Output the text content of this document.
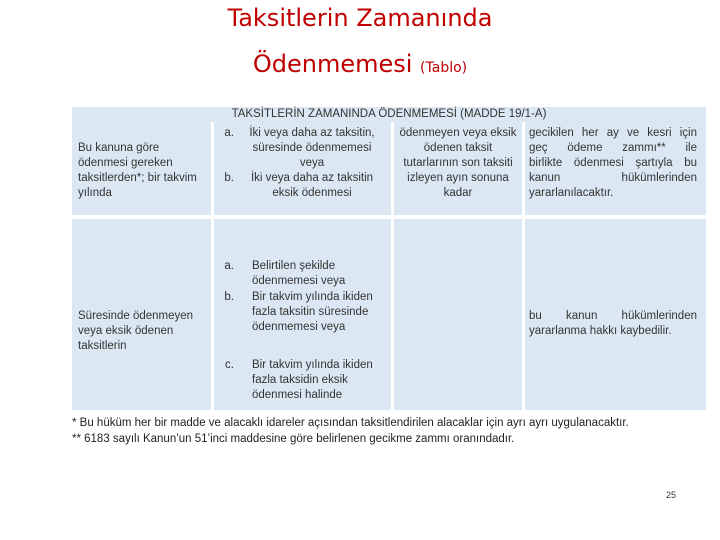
Taksitlerin Zamanında
Ödenmemesi (Tablo)
TAKSİTLERİN ZAMANINDA ÖDENMEMESİ (MADDE 19/1-A)
Bu kanuna göre ödenmesi gereken taksitlerden*; bir takvim yılında
a.	İki veya daha az taksitin, süresinde ödenmemesi veya
b.	İki veya daha az taksitin eksik ödenmesi
ödenmeyen veya eksik ödenen taksit tutarlarının son taksiti izleyen ayın sonuna kadar
gecikilen her ay ve kesri için
geç ödeme zammı** ile
birlikte ödenmesi şartıyla bu
kanun hükümlerinden
yararlanılacaktır.
Süresinde ödenmeyen veya eksik ödenen taksitlerin
a. Belirtilen şekilde ödenmemesi veya
b. Bir takvim yılında ikiden fazla taksitin süresinde ödenmemesi veya
c. Bir takvim yılında ikiden fazla taksidin eksik ödenmesi halinde
bu kanun hükümlerinden
yararlanma hakkı kaybedilir.
* Bu hüküm her bir madde ve alacaklı idareler açısından taksitlendirilen alacaklar için ayrı ayrı uygulanacaktır.
** 6183 sayılı Kanun’un 51’inci maddesine göre belirlenen gecikme zammı oranındadır.
25
